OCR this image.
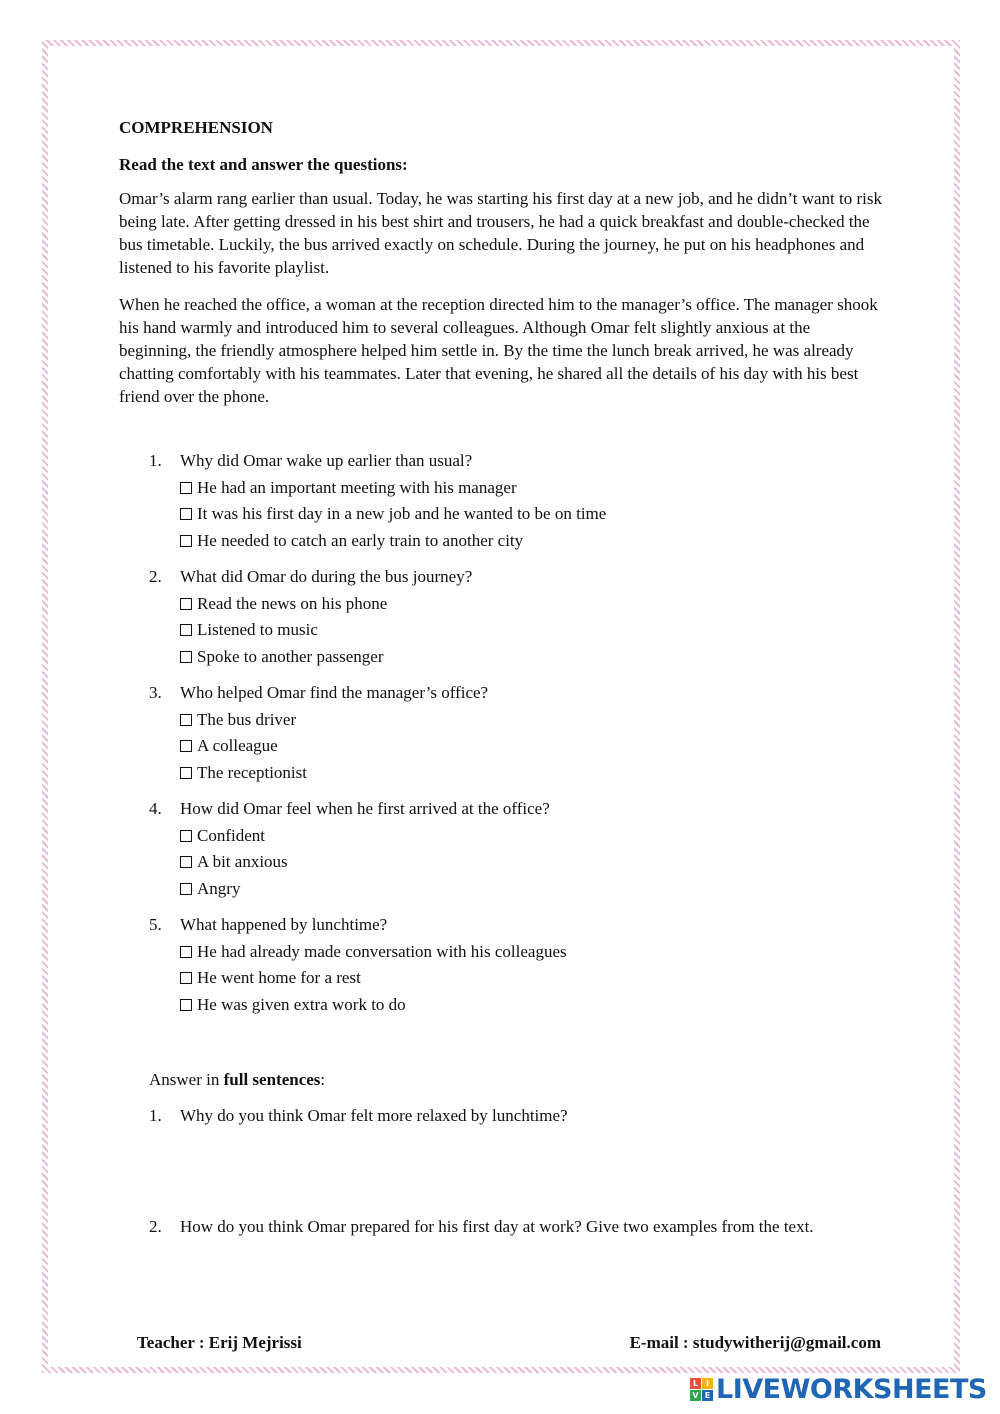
COMPREHENSION
Read the text and answer the questions:

Omar’s alarm rang earlier than usual. Today, he was starting his first day at a new job, and he didn’t want to risk being late. After getting dressed in his best shirt and trousers, he had a quick breakfast and double-checked the bus timetable. Luckily, the bus arrived exactly on schedule. During the journey, he put on his headphones and listened to his favorite playlist.

When he reached the office, a woman at the reception directed him to the manager’s office. The manager shook his hand warmly and introduced him to several colleagues. Although Omar felt slightly anxious at the beginning, the friendly atmosphere helped him settle in. By the time the lunch break arrived, he was already chatting comfortably with his teammates. Later that evening, he shared all the details of his day with his best friend over the phone.

1.	Why did Omar wake up earlier than usual?
He had an important meeting with his manager
It was his first day in a new job and he wanted to be on time
He needed to catch an early train to another city
2.	What did Omar do during the bus journey?
Read the news on his phone
Listened to music
Spoke to another passenger
3.	Who helped Omar find the manager’s office?
The bus driver
A colleague
The receptionist
4.	How did Omar feel when he first arrived at the office?
Confident
A bit anxious
Angry
5.	What happened by lunchtime?
He had already made conversation with his colleagues
He went home for a rest
He was given extra work to do
Answer in full sentences:
1.	Why do you think Omar felt more relaxed by lunchtime?
2.	How do you think Omar prepared for his first day at work? Give two examples from the text.
Teacher : Erij Mejrissi	E-mail : studywitherij@gmail.com
L I
V E LIVEWORKSHEETS
